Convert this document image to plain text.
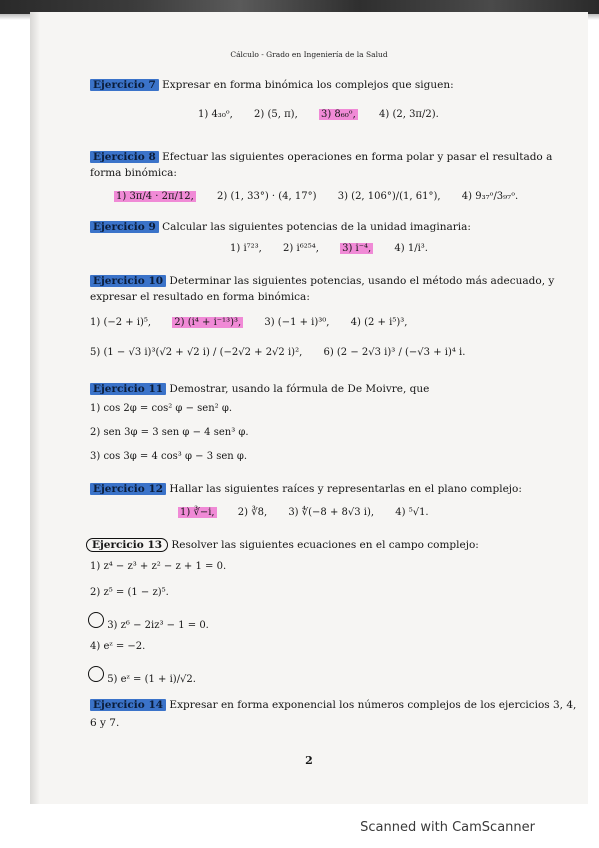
Cálculo - Grado en Ingeniería de la Salud
Ejercicio 7 Expresar en forma binómica los complejos que siguen:
1) 4₃₀ᵒ, 2) (5, π), 3) 8₆₀ᵒ, 4) (2, 3π/2).
Ejercicio 8 Efectuar las siguientes operaciones en forma polar y pasar el resultado a
forma binómica:
1) 3π/4 · 2π/12, 2) (1, 33°) · (4, 17°) 3) (2, 106°)/(1, 61°), 4) 9₃₇ᵒ/3₉₇ᵒ.
Ejercicio 9 Calcular las siguientes potencias de la unidad imaginaria:
1) i⁷²³, 2) i⁶²⁵⁴, 3) i⁻⁴, 4) 1/i³.
Ejercicio 10 Determinar las siguientes potencias, usando el método más adecuado, y
expresar el resultado en forma binómica:
1) (−2 + i)⁵, 2) (i⁴ + i⁻¹³)³, 3) (−1 + i)³⁰, 4) (2 + i⁵)³,
5) (1 − √3 i)³(√2 + √2 i) / (−2√2 + 2√2 i)², 6) (2 − 2√3 i)³ / (−√3 + i)⁴ i.
Ejercicio 11 Demostrar, usando la fórmula de De Moivre, que
1) cos 2φ = cos² φ − sen² φ.
2) sen 3φ = 3 sen φ − 4 sen³ φ.
3) cos 3φ = 4 cos³ φ − 3 sen φ.
Ejercicio 12 Hallar las siguientes raíces y representarlas en el plano complejo:
1) ∛−i, 2) ∛8, 3) ∜(−8 + 8√3 i), 4) ⁵√1.
Ejercicio 13 Resolver las siguientes ecuaciones en el campo complejo:
1) z⁴ − z³ + z² − z + 1 = 0.
2) z⁵ = (1 − z)⁵.
3) z⁶ − 2iz³ − 1 = 0.
4) eᶻ = −2.
5) eᶻ = (1 + i)/√2.
Ejercicio 14 Expresar en forma exponencial los números complejos de los ejercicios 3, 4,
6 y 7.
2
Scanned with CamScanner
